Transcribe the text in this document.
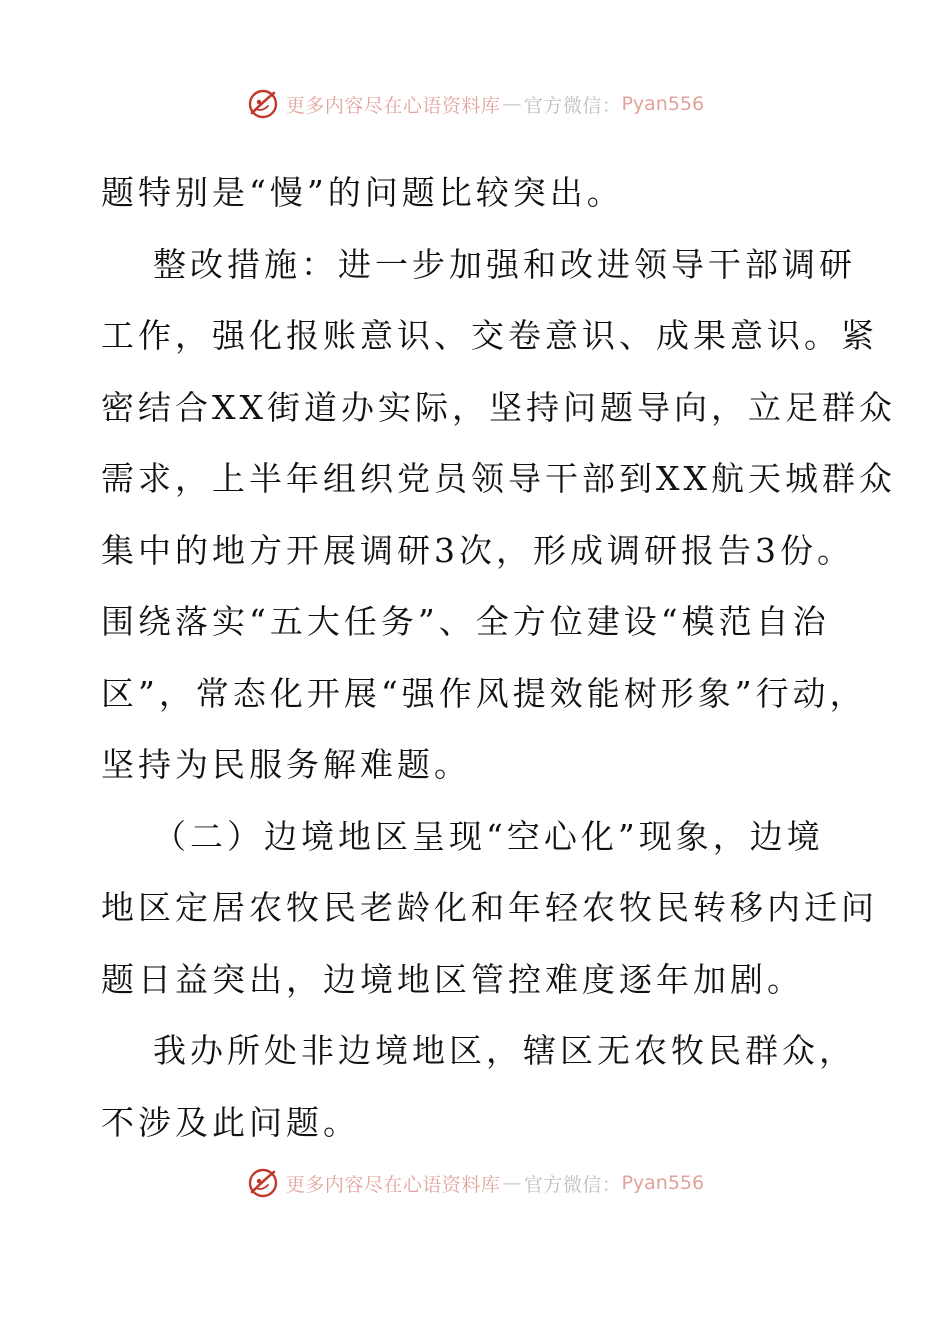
更多内容尽在心语资料库 — 官方微信： Pyan556

题特别是“慢”的问题比较突出。

整改措施：进一步加强和改进领导干部调研
工作，强化报账意识、交卷意识、成果意识。紧
密结合XX街道办实际，坚持问题导向，立足群众
需求，上半年组织党员领导干部到XX航天城群众
集中的地方开展调研3次，形成调研报告3份。
围绕落实“五大任务”、全方位建设“模范自治
区”，常态化开展“强作风提效能树形象”行动，
坚持为民服务解难题。

（二）边境地区呈现“空心化”现象，边境
地区定居农牧民老龄化和年轻农牧民转移内迁问
题日益突出，边境地区管控难度逐年加剧。

我办所处非边境地区，辖区无农牧民群众，
不涉及此问题。

更多内容尽在心语资料库 — 官方微信： Pyan556
